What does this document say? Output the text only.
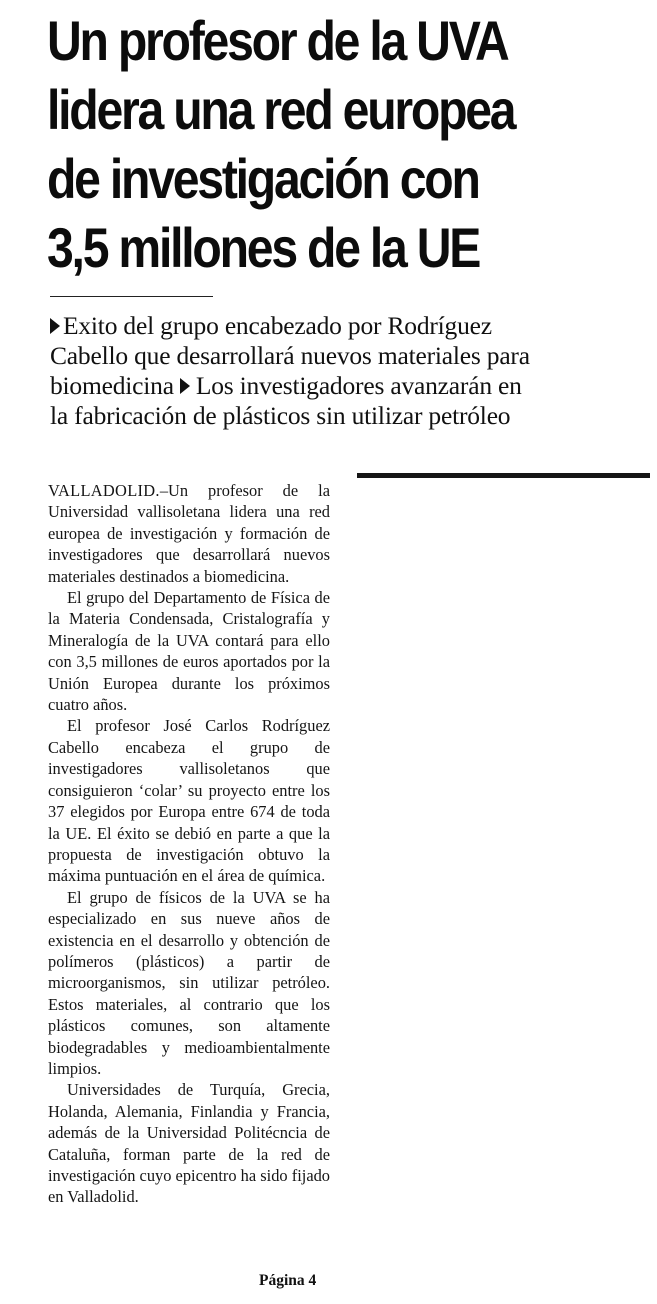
Un profesor de la UVA
lidera una red europea
de investigación con
3,5 millones de la UE
Exito del grupo encabezado por Rodríguez
Cabello que desarrollará nuevos materiales para
biomedicina Los investigadores avanzarán en
la fabricación de plásticos sin utilizar petróleo

VALLADOLID.–Un profesor de la Universidad vallisoletana lidera una red europea de investigación y formación de investigadores que desarrollará nuevos materiales destinados a biomedicina.

El grupo del Departamento de Física de la Materia Condensada, Cristalografía y Mineralogía de la UVA contará para ello con 3,5 millones de euros aportados por la Unión Europea durante los próximos cuatro años.

El profesor José Carlos Rodríguez Cabello encabeza el grupo de investigadores vallisoletanos que consiguieron ‘colar’ su proyecto entre los 37 elegidos por Europa entre 674 de toda la UE. El éxito se debió en parte a que la propuesta de investigación obtuvo la máxima puntuación en el área de química.

El grupo de físicos de la UVA se ha especializado en sus nueve años de existencia en el desarrollo y obtención de polímeros (plásticos) a partir de microorganismos, sin utilizar petróleo. Estos materiales, al contrario que los plásticos comunes, son altamente biodegradables y medioambientalmente limpios.

Universidades de Turquía, Grecia, Holanda, Alemania, Finlandia y Francia, además de la Universidad Politécncia de Cataluña, forman parte de la red de investigación cuyo epicentro ha sido fijado en Valladolid.

Página 4
